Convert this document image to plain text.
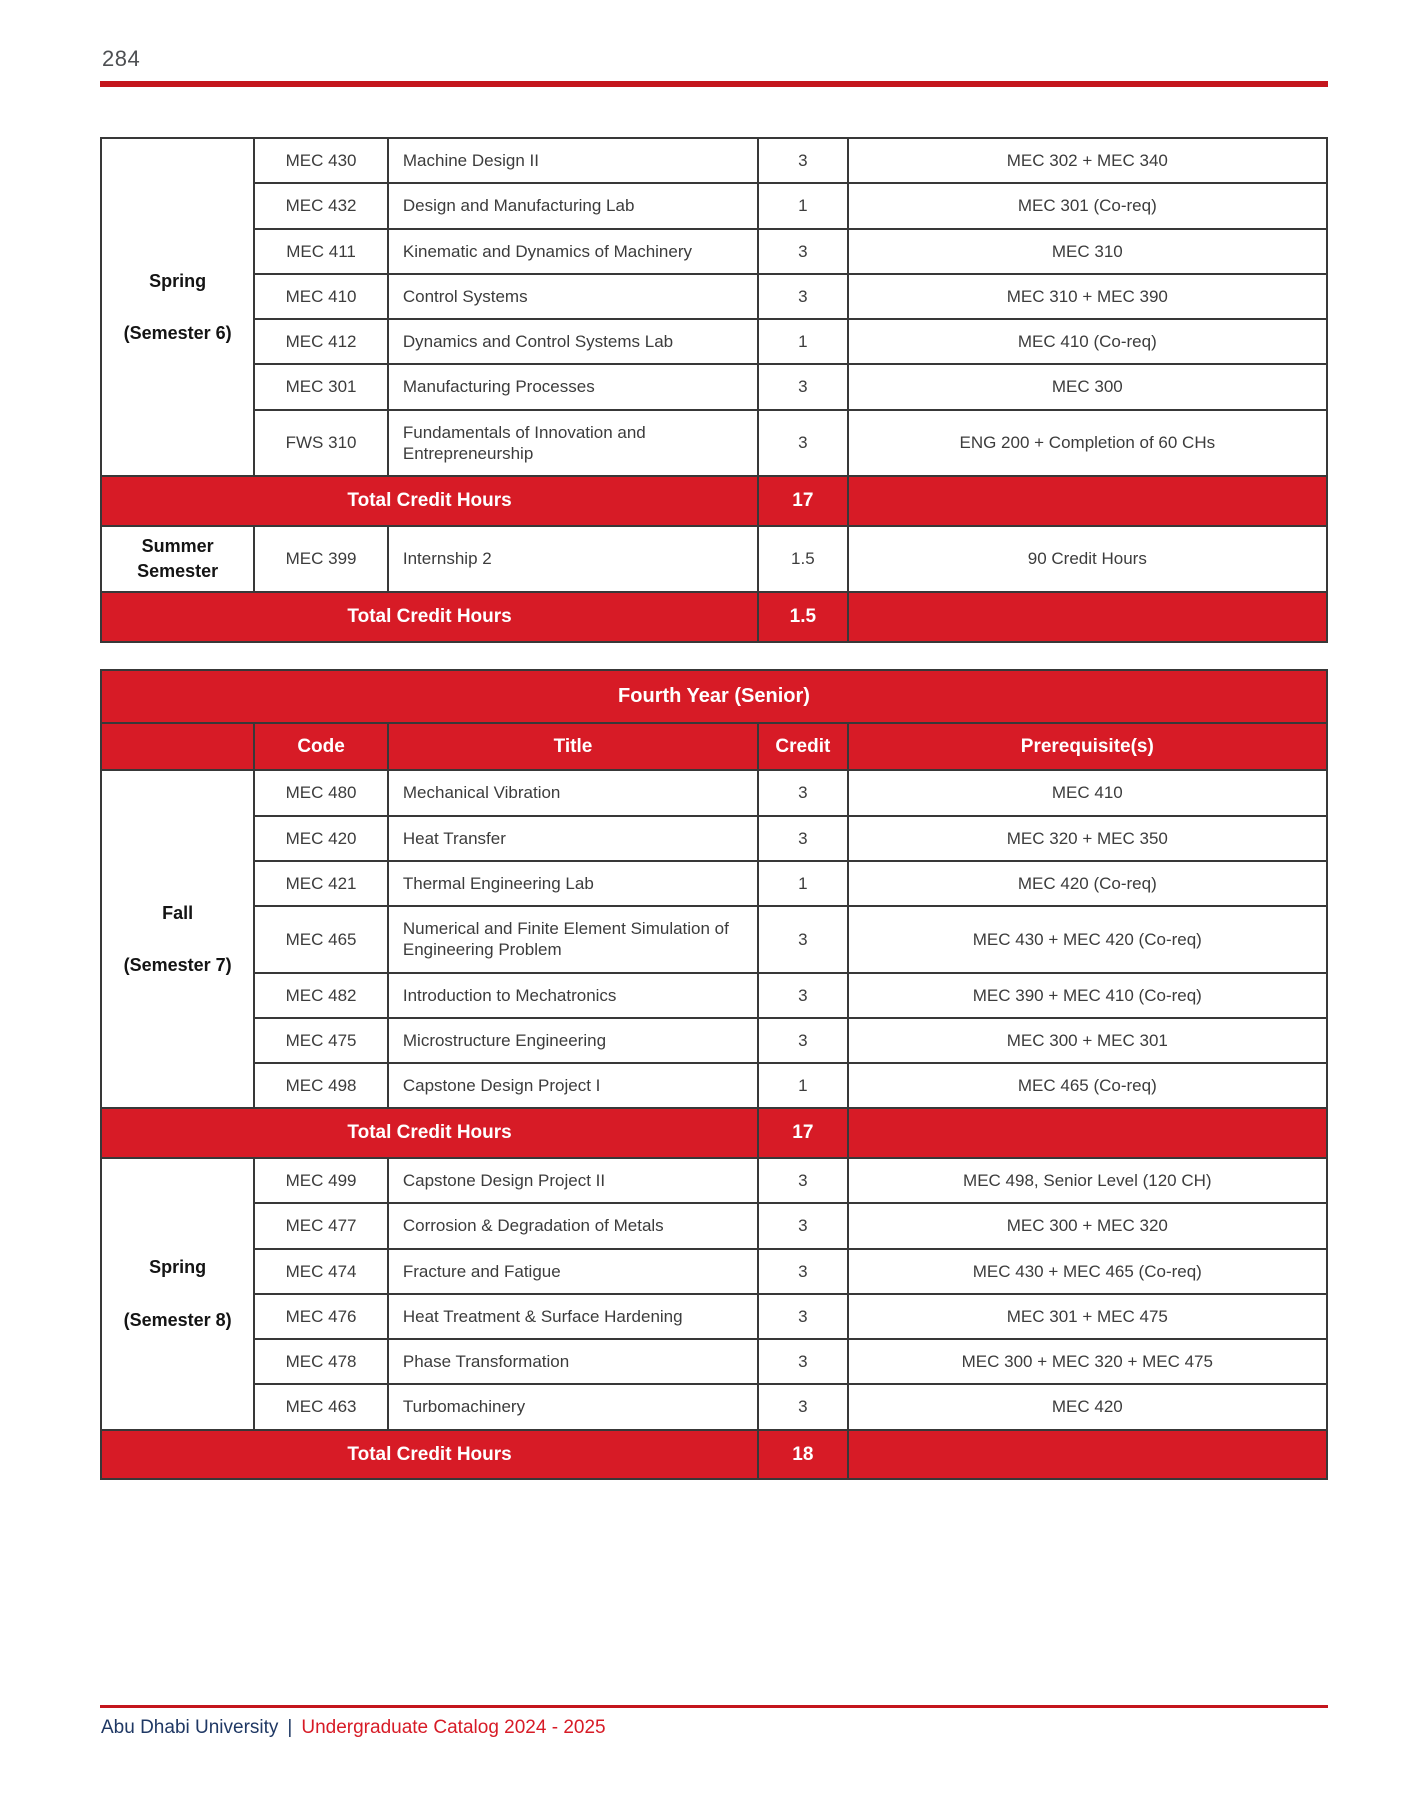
284
Spring
(Semester 6)	MEC 430	Machine Design II	3	MEC 302 + MEC 340
	MEC 432	Design and Manufacturing Lab	1	MEC 301 (Co-req)
	MEC 411	Kinematic and Dynamics of Machinery	3	MEC 310
	MEC 410	Control Systems	3	MEC 310 + MEC 390
	MEC 412	Dynamics and Control Systems Lab	1	MEC 410 (Co-req)
	MEC 301	Manufacturing Processes	3	MEC 300
	FWS 310	Fundamentals of Innovation and Entrepreneurship	3	ENG 200 + Completion of 60 CHs
Total Credit Hours			17	

Summer
Semester	MEC 399	Internship 2	1.5	90 Credit Hours
Total Credit Hours			1.5	
Fourth Year (Senior)				
	Code	Title	Credit	Prerequisite(s)

Fall
(Semester 7)	MEC 480	Mechanical Vibration	3	MEC 410
	MEC 420	Heat Transfer	3	MEC 320 + MEC 350
	MEC 421	Thermal Engineering Lab	1	MEC 420 (Co-req)
	MEC 465	Numerical and Finite Element Simulation of Engineering Problem	3	MEC 430 + MEC 420 (Co-req)
	MEC 482	Introduction to Mechatronics	3	MEC 390 + MEC 410 (Co-req)
	MEC 475	Microstructure Engineering	3	MEC 300 + MEC 301
	MEC 498	Capstone Design Project I	1	MEC 465 (Co-req)
Total Credit Hours			17	

Spring
(Semester 8)	MEC 499	Capstone Design Project II	3	MEC 498, Senior Level (120 CH)
	MEC 477	Corrosion & Degradation of Metals	3	MEC 300 + MEC 320
	MEC 474	Fracture and Fatigue	3	MEC 430 + MEC 465 (Co-req)
	MEC 476	Heat Treatment & Surface Hardening	3	MEC 301 + MEC 475
	MEC 478	Phase Transformation	3	MEC 300 + MEC 320 + MEC 475
	MEC 463	Turbomachinery	3	MEC 420
Total Credit Hours			18	
Abu Dhabi University | Undergraduate Catalog 2024 - 2025
